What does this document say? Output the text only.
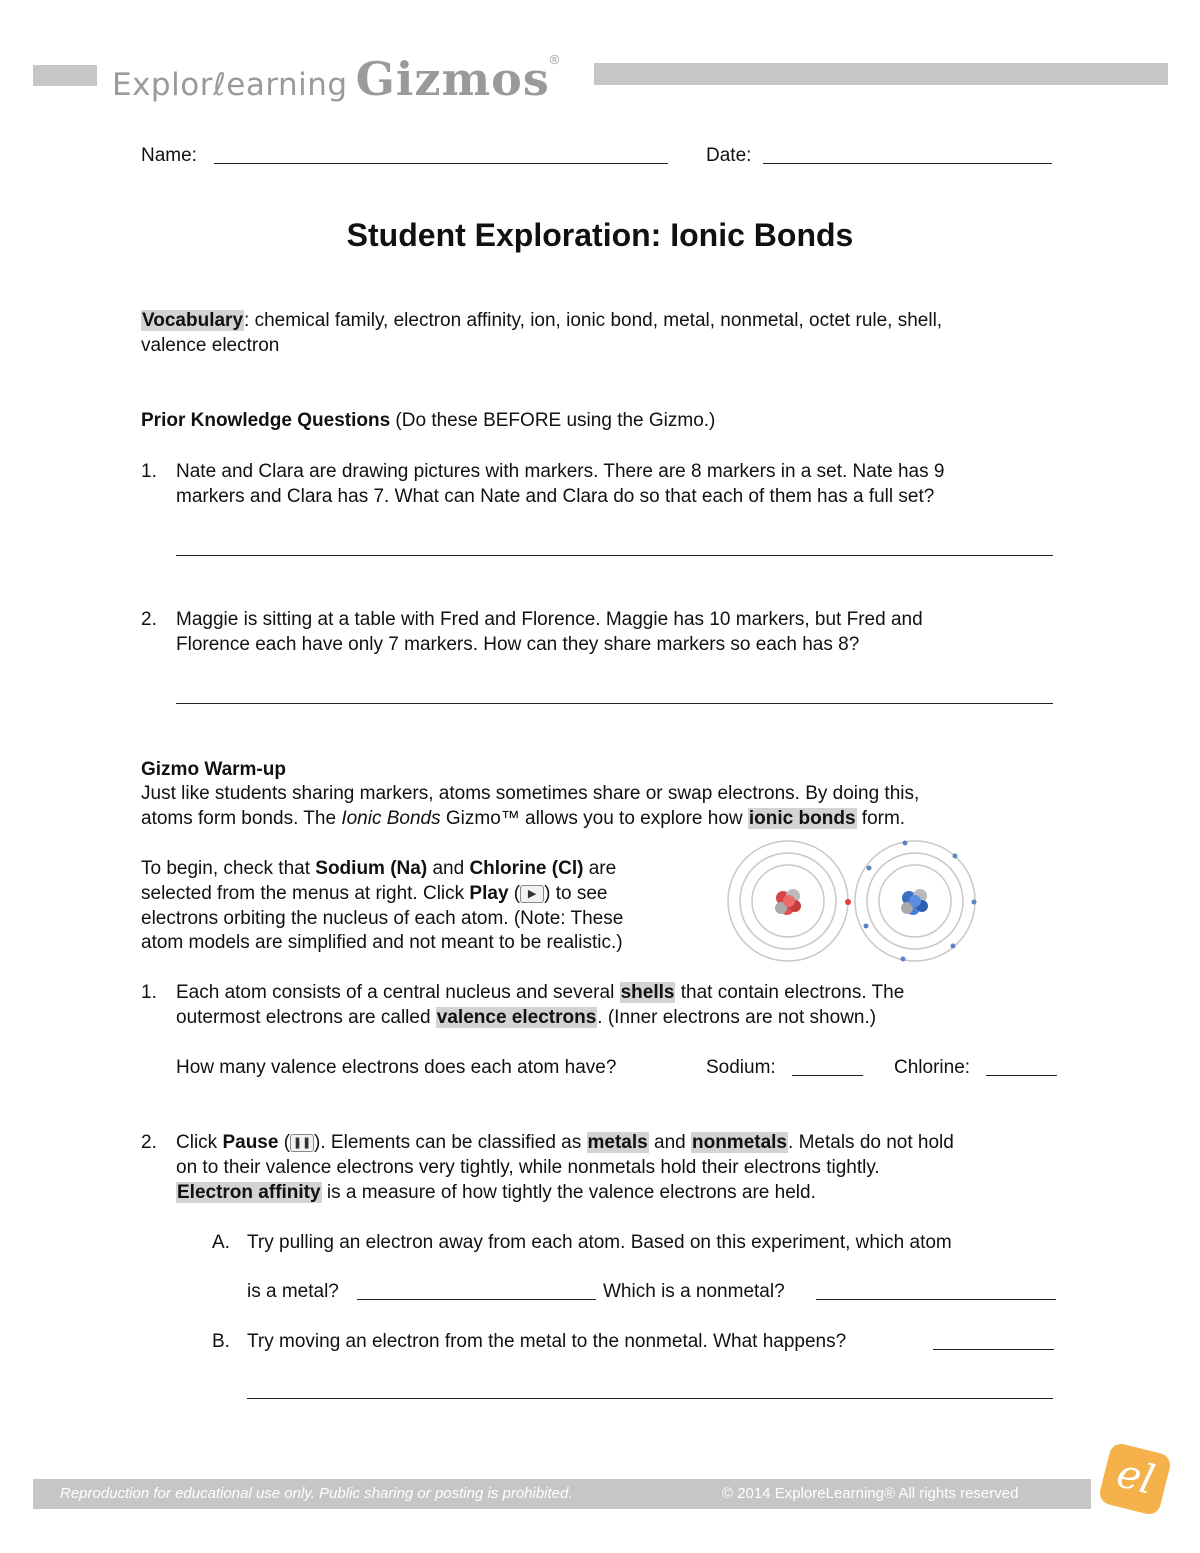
Explorℓearning Gizmos®
Name:	Date:
Student Exploration: Ionic Bonds
Vocabulary: chemical family, electron affinity, ion, ionic bond, metal, nonmetal, octet rule, shell,
valence electron
Prior Knowledge Questions (Do these BEFORE using the Gizmo.)
1. Nate and Clara are drawing pictures with markers. There are 8 markers in a set. Nate has 9
markers and Clara has 7. What can Nate and Clara do so that each of them has a full set?
2. Maggie is sitting at a table with Fred and Florence. Maggie has 10 markers, but Fred and
Florence each have only 7 markers. How can they share markers so each has 8?
Gizmo Warm-up
Just like students sharing markers, atoms sometimes share or swap electrons. By doing this,
atoms form bonds. The Ionic Bonds Gizmo™ allows you to explore how ionic bonds form.
To begin, check that Sodium (Na) and Chlorine (Cl) are
selected from the menus at right. Click Play ( ▶ ) to see
electrons orbiting the nucleus of each atom. (Note: These
atom models are simplified and not meant to be realistic.)
1. Each atom consists of a central nucleus and several shells that contain electrons. The
outermost electrons are called valence electrons. (Inner electrons are not shown.)
How many valence electrons does each atom have?	Sodium:	Chlorine:
2. Click Pause ( ❚❚ ). Elements can be classified as metals and nonmetals. Metals do not hold
on to their valence electrons very tightly, while nonmetals hold their electrons tightly.
Electron affinity is a measure of how tightly the valence electrons are held.
A. Try pulling an electron away from each atom. Based on this experiment, which atom
is a metal?	Which is a nonmetal?
B. Try moving an electron from the metal to the nonmetal. What happens?
Reproduction for educational use only. Public sharing or posting is prohibited.	© 2014 ExploreLearning® All rights reserved	el
